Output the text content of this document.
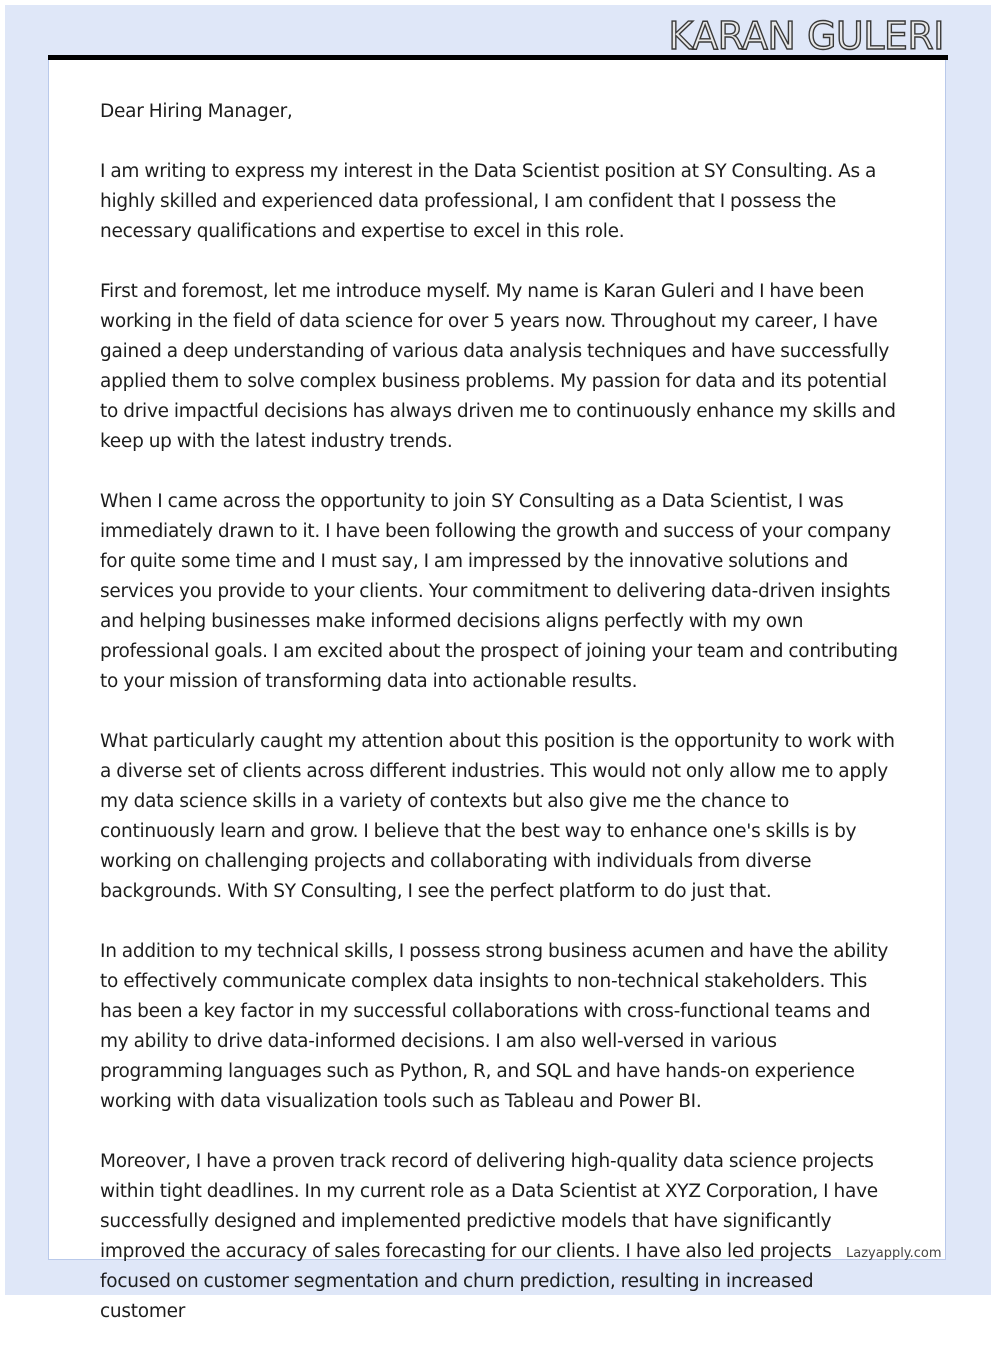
KARAN GULERI

Dear Hiring Manager,

I am writing to express my interest in the Data Scientist position at SY Consulting. As a highly skilled and experienced data professional, I am confident that I possess the necessary qualifications and expertise to excel in this role.

First and foremost, let me introduce myself. My name is Karan Guleri and I have been working in the field of data science for over 5 years now. Throughout my career, I have gained a deep understanding of various data analysis techniques and have successfully applied them to solve complex business problems. My passion for data and its potential to drive impactful decisions has always driven me to continuously enhance my skills and keep up with the latest industry trends.

When I came across the opportunity to join SY Consulting as a Data Scientist, I was immediately drawn to it. I have been following the growth and success of your company for quite some time and I must say, I am impressed by the innovative solutions and services you provide to your clients. Your commitment to delivering data-driven insights and helping businesses make informed decisions aligns perfectly with my own professional goals. I am excited about the prospect of joining your team and contributing to your mission of transforming data into actionable results.

What particularly caught my attention about this position is the opportunity to work with a diverse set of clients across different industries. This would not only allow me to apply my data science skills in a variety of contexts but also give me the chance to continuously learn and grow. I believe that the best way to enhance one's skills is by working on challenging projects and collaborating with individuals from diverse backgrounds. With SY Consulting, I see the perfect platform to do just that.

In addition to my technical skills, I possess strong business acumen and have the ability to effectively communicate complex data insights to non-technical stakeholders. This has been a key factor in my successful collaborations with cross-functional teams and my ability to drive data-informed decisions. I am also well-versed in various programming languages such as Python, R, and SQL and have hands-on experience working with data visualization tools such as Tableau and Power BI.

Moreover, I have a proven track record of delivering high-quality data science projects within tight deadlines. In my current role as a Data Scientist at XYZ Corporation, I have successfully designed and implemented predictive models that have significantly improved the accuracy of sales forecasting for our clients. I have also led projects focused on customer segmentation and churn prediction, resulting in increased customer

Lazyapply.com
